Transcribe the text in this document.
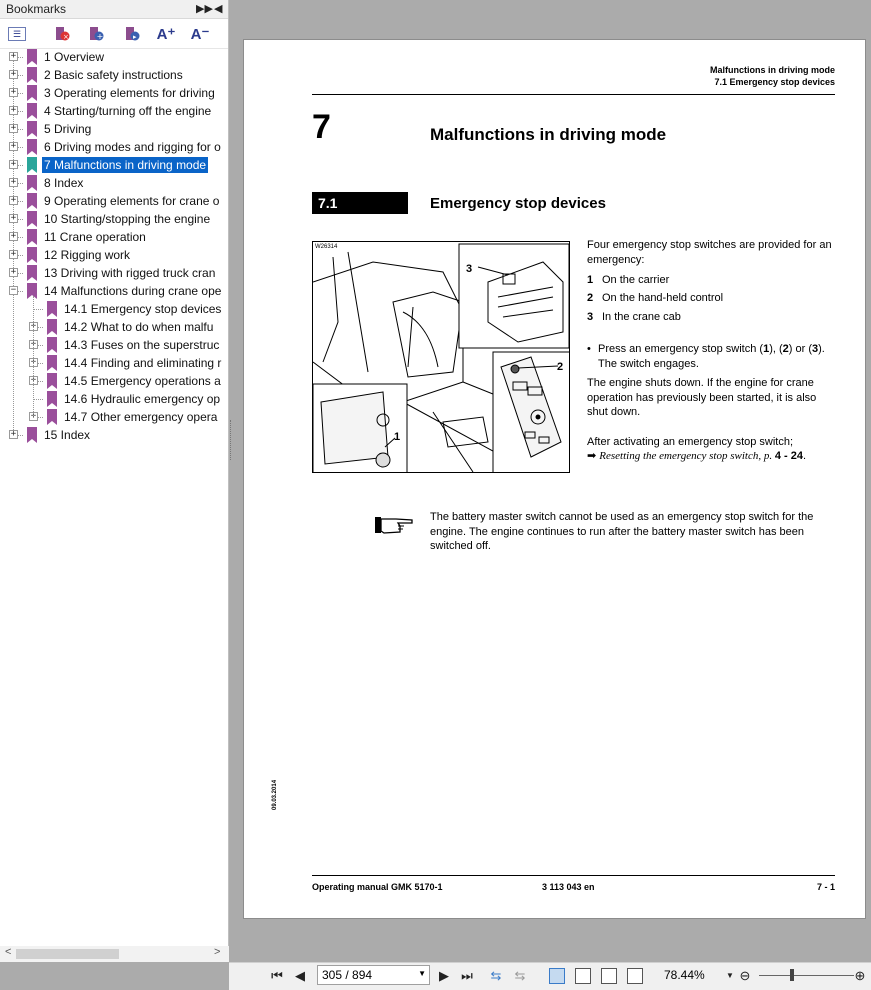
Bookmarks	▶▶ ◀
☰	×	+	▸ A⁺ A⁻
+ 1 Overview
+ 2 Basic safety instructions
+ 3 Operating elements for driving
+ 4 Starting/turning off the engine
+ 5 Driving
+ 6 Driving modes and rigging for o
+ 7 Malfunctions in driving mode
+ 8 Index
+ 9 Operating elements for crane o
+ 10 Starting/stopping the engine
+ 11 Crane operation
+ 12 Rigging work
+ 13 Driving with rigged truck cran
− 14 Malfunctions during crane ope
14.1 Emergency stop devices
+ 14.2 What to do when malfu
+ 14.3 Fuses on the superstruc
+ 14.4 Finding and eliminating r
+ 14.5 Emergency operations a
14.6 Hydraulic emergency op
+ 14.7 Other emergency opera
+ 15 Index
<	>
Malfunctions in driving mode
7.1 Emergency stop devices
7	Malfunctions in driving mode
7.1	Emergency stop devices
W26314
3
2
1
Four emergency stop switches are provided for an emergency:
1 On the carrier
2 On the hand-held control
3 In the crane cab
• Press an emergency stop switch (1), (2) or (3). The switch engages.
The engine shuts down. If the engine for crane operation has previously been started, it is also shut down.
After activating an emergency stop switch;
➡ Resetting the emergency stop switch, p. 4 - 24.
The battery master switch cannot be used as an emergency stop switch for the engine. The engine continues to run after the battery master switch has been switched off.
09.03.2014
Operating manual GMK 5170-1	3 113 043 en	7 - 1
⏮ ◀	305 / 894	▼ ▶ ⏭ ⇆ ⇆	78.44%	▼ ⊖	⊕
